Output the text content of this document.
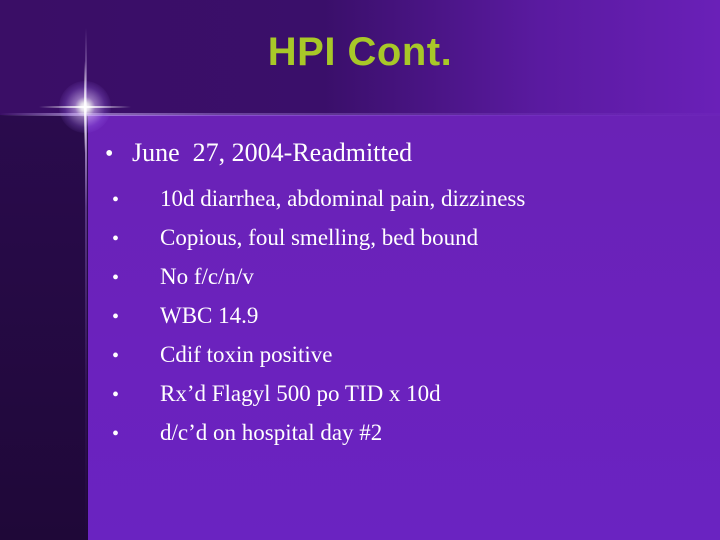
HPI Cont.
• June  27, 2004-Readmitted
•	10d diarrhea, abdominal pain, dizziness
•	Copious, foul smelling, bed bound
•	No f/c/n/v
•	WBC 14.9
•	Cdif toxin positive
•	Rx’d Flagyl 500 po TID x 10d
•	d/c’d on hospital day #2
